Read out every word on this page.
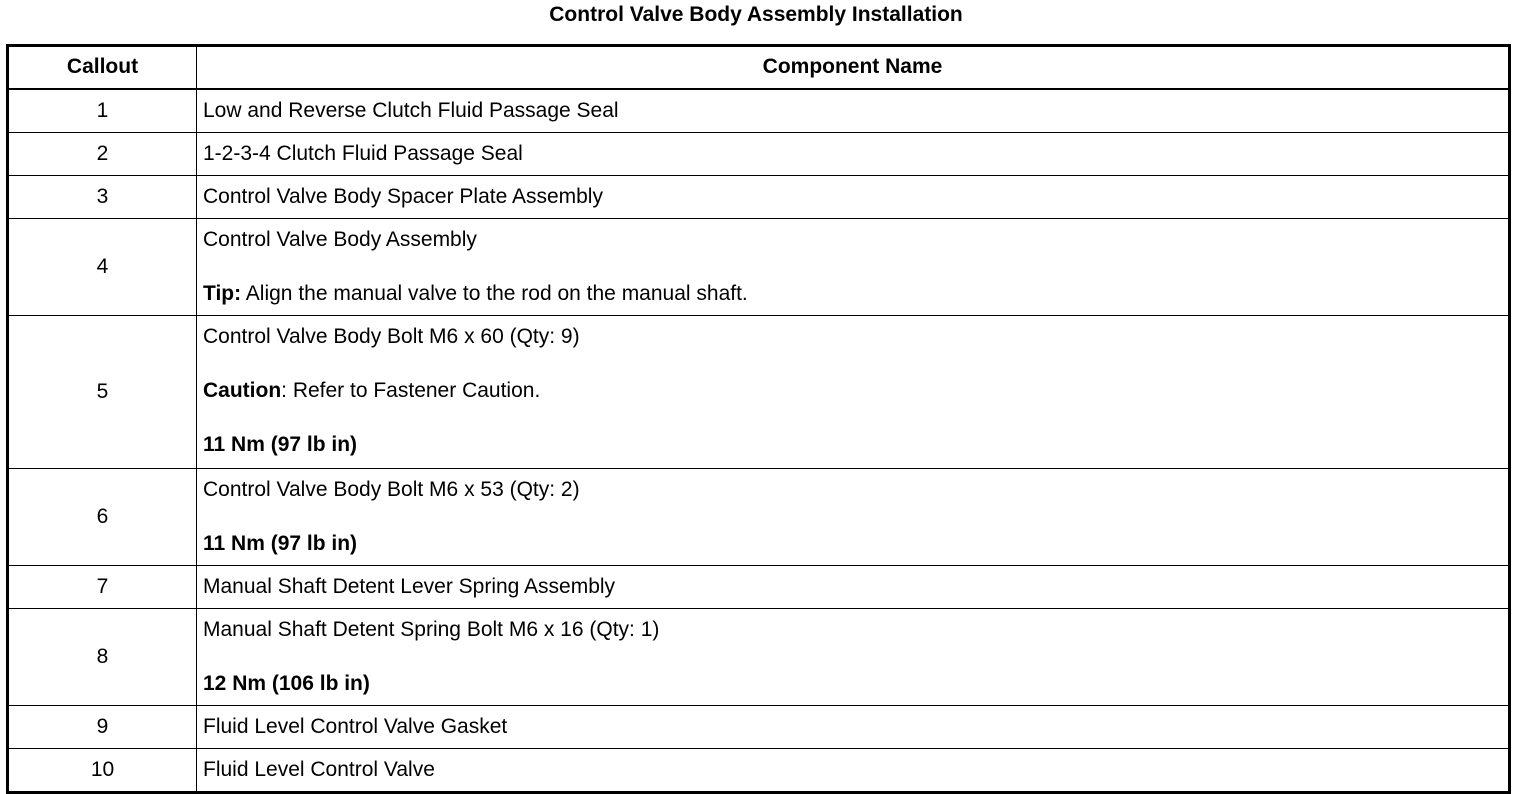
Control Valve Body Assembly Installation
Callout	Component Name
1	Low and Reverse Clutch Fluid Passage Seal

2	1-2-3-4 Clutch Fluid Passage Seal

3	Control Valve Body Spacer Plate Assembly

4	Control Valve Body Assembly
Tip: Align the manual valve to the rod on the manual shaft.

5	Control Valve Body Bolt M6 x 60 (Qty: 9)
Caution: Refer to Fastener Caution.
11 Nm (97 lb in)

6	Control Valve Body Bolt M6 x 53 (Qty: 2)
11 Nm (97 lb in)

7	Manual Shaft Detent Lever Spring Assembly

8	Manual Shaft Detent Spring Bolt M6 x 16 (Qty: 1)
12 Nm (106 lb in)

9	Fluid Level Control Valve Gasket

10	Fluid Level Control Valve
